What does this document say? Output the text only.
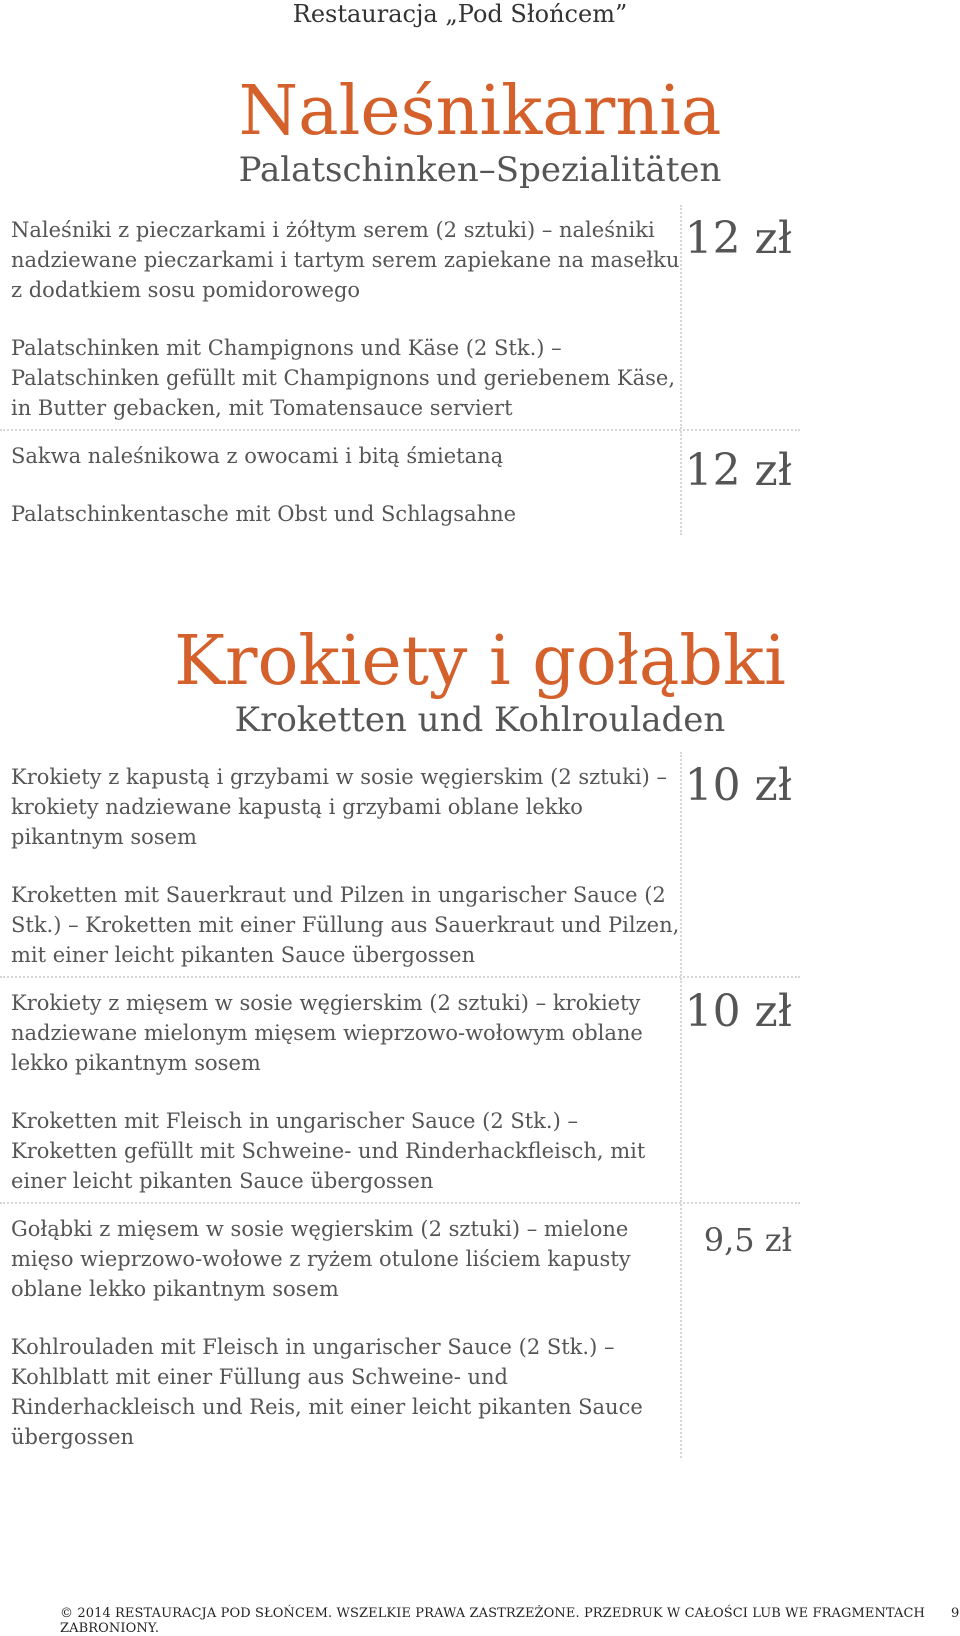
Restauracja „Pod Słońcem”
Naleśnikarnia
Palatschinken–Spezialitäten
Naleśniki z pieczarkami i żółtym serem (2 sztuki) – naleśniki nadziewane pieczarkami i tartym serem zapiekane na masełku z dodatkiem sosu pomidorowego
Palatschinken mit Champignons und Käse (2 Stk.) – Palatschinken gefüllt mit Champignons und geriebenem Käse, in Butter gebacken, mit Tomatensauce serviert
12 zł
Sakwa naleśnikowa z owocami i bitą śmietaną
Palatschinkentasche mit Obst und Schlagsahne
12 zł
Krokiety i gołąbki
Kroketten und Kohlrouladen
Krokiety z kapustą i grzybami w sosie węgierskim (2 sztuki) – krokiety nadziewane kapustą i grzybami oblane lekko pikantnym sosem
Kroketten mit Sauerkraut und Pilzen in ungarischer Sauce (2 Stk.) – Kroketten mit einer Füllung aus Sauerkraut und Pilzen, mit einer leicht pikanten Sauce übergossen
10 zł
Krokiety z mięsem w sosie węgierskim (2 sztuki) – krokiety nadziewane mielonym mięsem wieprzowo-wołowym oblane lekko pikantnym sosem
Kroketten mit Fleisch in ungarischer Sauce (2 Stk.) – Kroketten gefüllt mit Schweine- und Rinderhackfleisch, mit einer leicht pikanten Sauce übergossen
10 zł
Gołąbki z mięsem w sosie węgierskim (2 sztuki) – mielone mięso wieprzowo-wołowe z ryżem otulone liściem kapusty oblane lekko pikantnym sosem
Kohlrouladen mit Fleisch in ungarischer Sauce (2 Stk.) – Kohlblatt mit einer Füllung aus Schweine- und Rinderhackleisch und Reis, mit einer leicht pikanten Sauce übergossen
9,5 zł
© 2014 RESTAURACJA POD SŁOŃCEM. WSZELKIE PRAWA ZASTRZEŻONE. PRZEDRUK W CAŁOŚCI LUB WE FRAGMENTACH ZABRONIONY.
9
